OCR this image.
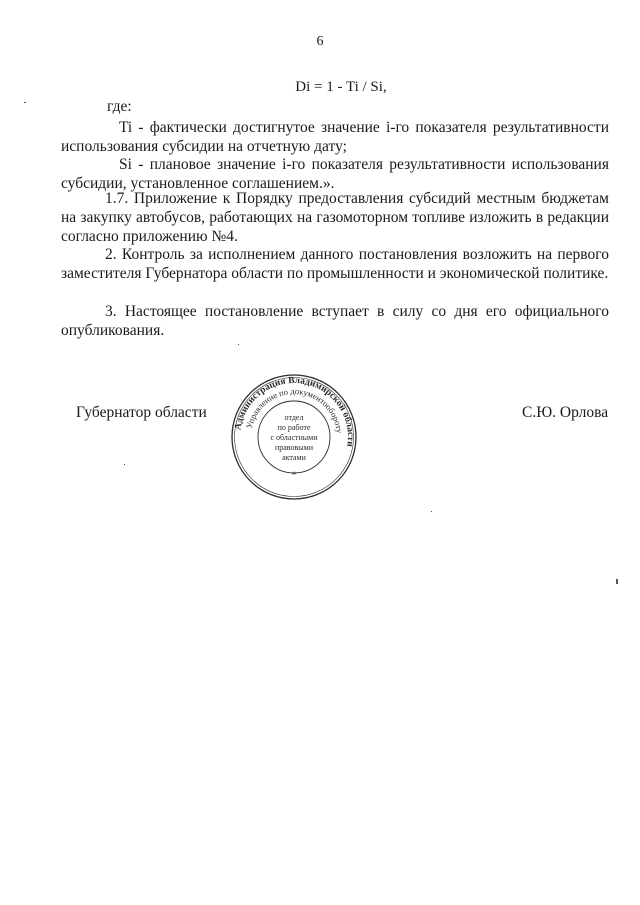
6
Di = 1 - Ti / Si,
где:

Ti - фактически достигнутое значение i-го показателя результативности использования субсидии на отчетную дату;

Si - плановое значение i-го показателя результативности использования субсидии, установленное соглашением.».

1.7. Приложение к Порядку предоставления субсидий местным бюджетам на закупку автобусов, работающих на газомоторном топливе изложить в редакции согласно приложению №4.

2. Контроль за исполнением данного постановления возложить на первого заместителя Губернатора области по промышленности и экономической политике.

3. Настоящее постановление вступает в силу со дня его официального опубликования.

Губернатор области	С.Ю. Орлова
Администрация Владимирской области
Управление по документообороту
*
отдел
по работе
с областными
правовыми
актами
